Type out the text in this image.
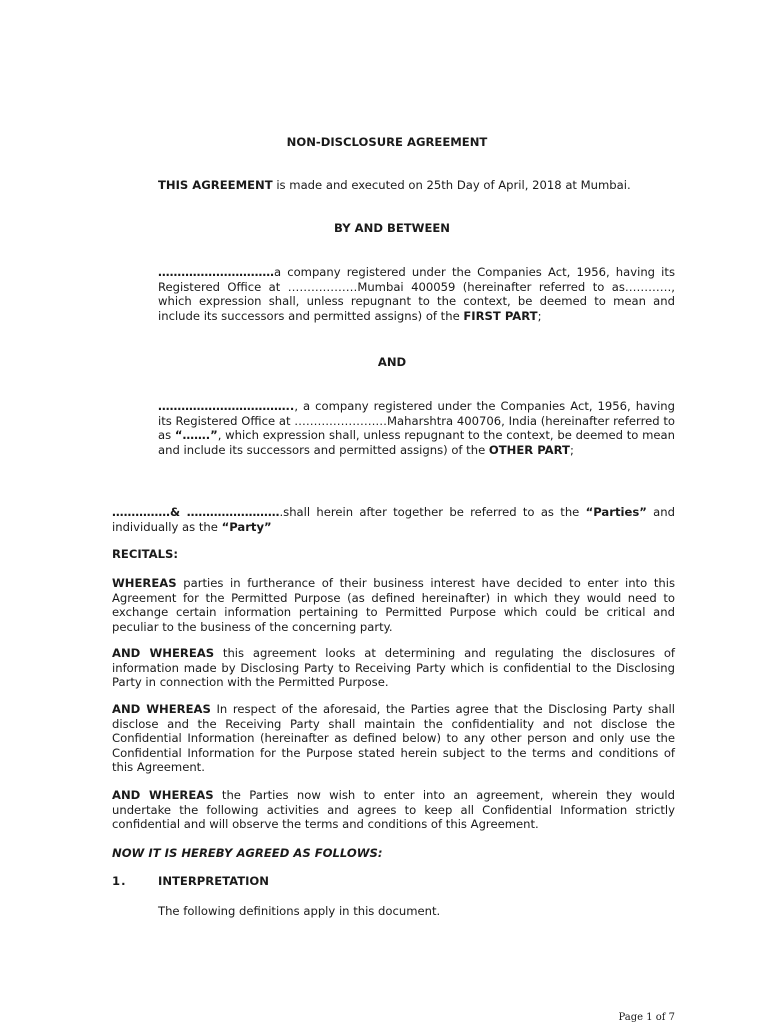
NON-DISCLOSURE AGREEMENT

THIS AGREEMENT is made and executed on 25th Day of April, 2018 at Mumbai.

BY AND BETWEEN

…………………………a company registered under the Companies Act, 1956, having its Registered Office at ………………Mumbai 400059 (hereinafter referred to as…………, which expression shall, unless repugnant to the context, be deemed to mean and include its successors and permitted assigns) of the FIRST PART;

AND

…………………………….., a company registered under the Companies Act, 1956, having its Registered Office at ……………………Maharshtra 400706, India (hereinafter referred to as “…….”, which expression shall, unless repugnant to the context, be deemed to mean and include its successors and permitted assigns) of the OTHER PART;

……………& …………………….shall herein after together be referred to as the “Parties” and individually as the “Party”

RECITALS:

WHEREAS parties in furtherance of their business interest have decided to enter into this Agreement for the Permitted Purpose (as defined hereinafter) in which they would need to exchange certain information pertaining to Permitted Purpose which could be critical and peculiar to the business of the concerning party.

AND WHEREAS this agreement looks at determining and regulating the disclosures of information made by Disclosing Party to Receiving Party which is confidential to the Disclosing Party in connection with the Permitted Purpose.

AND WHEREAS In respect of the aforesaid, the Parties agree that the Disclosing Party shall disclose and the Receiving Party shall maintain the confidentiality and not disclose the Confidential Information (hereinafter as defined below) to any other person and only use the Confidential Information for the Purpose stated herein subject to the terms and conditions of this Agreement.

AND WHEREAS the Parties now wish to enter into an agreement, wherein they would undertake the following activities and agrees to keep all Confidential Information strictly confidential and will observe the terms and conditions of this Agreement.

NOW IT IS HEREBY AGREED AS FOLLOWS:

1.	INTERPRETATION

The following definitions apply in this document.

Page 1 of 7
